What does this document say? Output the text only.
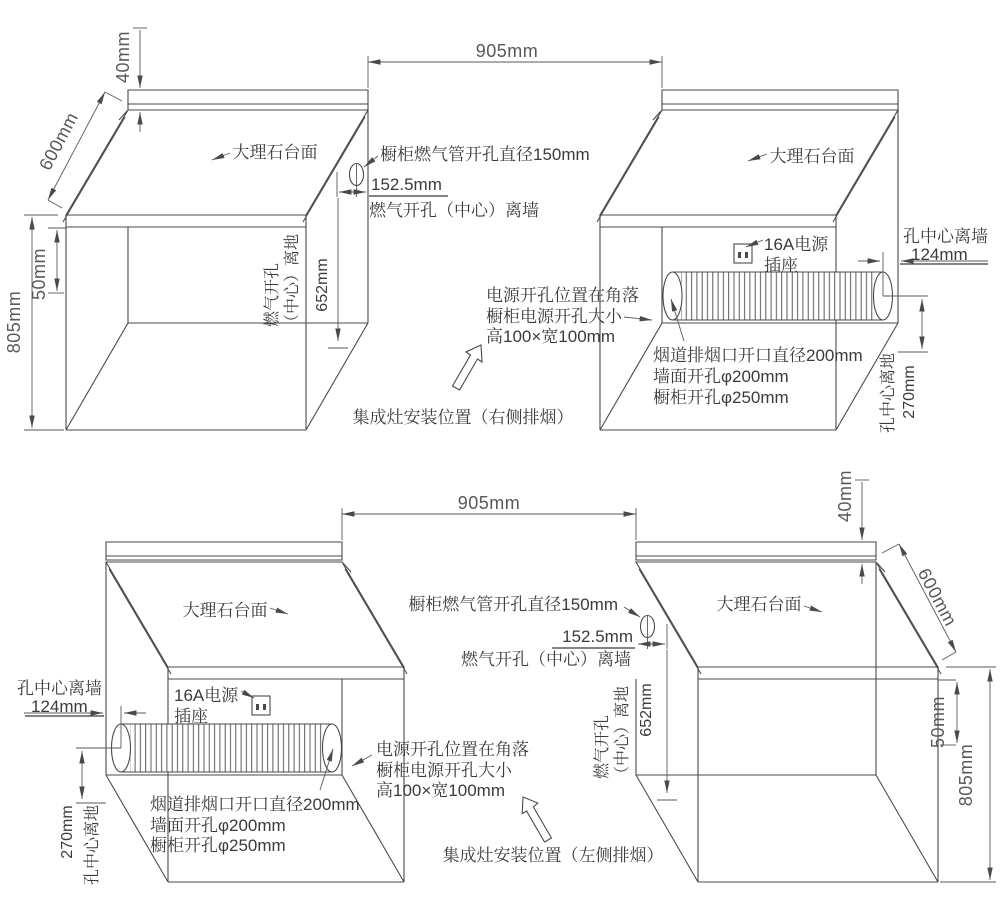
905mm
40mm
600mm
50mm
805mm
大理石台面	大理石台面
橱柜燃气管开孔直径150mm
152.5mm
燃气开孔（中心）离墙
燃气开孔 （中心）离地 652mm
16A电源
插座
孔中心离墙
124mm
电源开孔位置在角落
橱柜电源开孔大小
高100×宽100mm
烟道排烟口开口直径200mm
墙面开孔φ200mm
橱柜开孔φ250mm	孔中心离地 270mm
集成灶安装位置（右侧排烟）
905mm	40mm
600mm
50mm
805mm
大理石台面	大理石台面
橱柜燃气管开孔直径150mm
152.5mm
燃气开孔（中心）离墙
燃气开孔 （中心）离地 652mm
16A电源
插座
孔中心离墙
124mm
电源开孔位置在角落
橱柜电源开孔大小
高100×宽100mm
烟道排烟口开口直径200mm
墙面开孔φ200mm
橱柜开孔φ250mm
270mm 孔中心离地	集成灶安装位置（左侧排烟）
